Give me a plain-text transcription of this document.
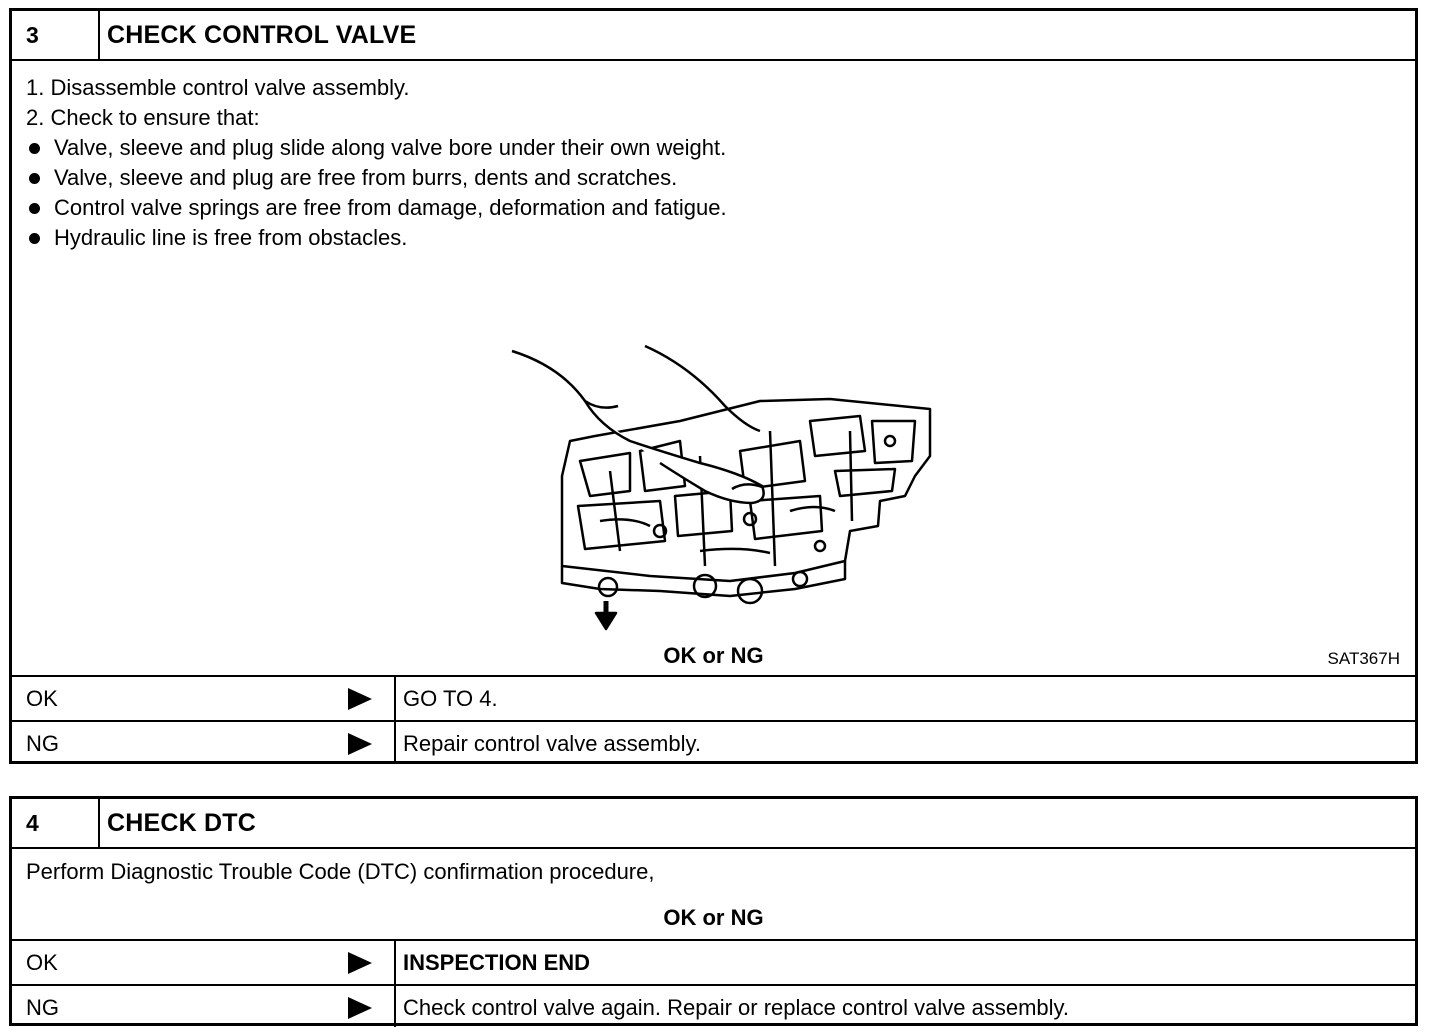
3	CHECK CONTROL VALVE
1. Disassemble control valve assembly.
2. Check to ensure that:
Valve, sleeve and plug slide along valve bore under their own weight.
Valve, sleeve and plug are free from burrs, dents and scratches.
Control valve springs are free from damage, deformation and fatigue.
Hydraulic line is free from obstacles.
SAT367H
OK or NG
OK	GO TO 4.
NG	Repair control valve assembly.
4	CHECK DTC
Perform Diagnostic Trouble Code (DTC) confirmation procedure,
OK or NG
OK	INSPECTION END
NG	Check control valve again. Repair or replace control valve assembly.
